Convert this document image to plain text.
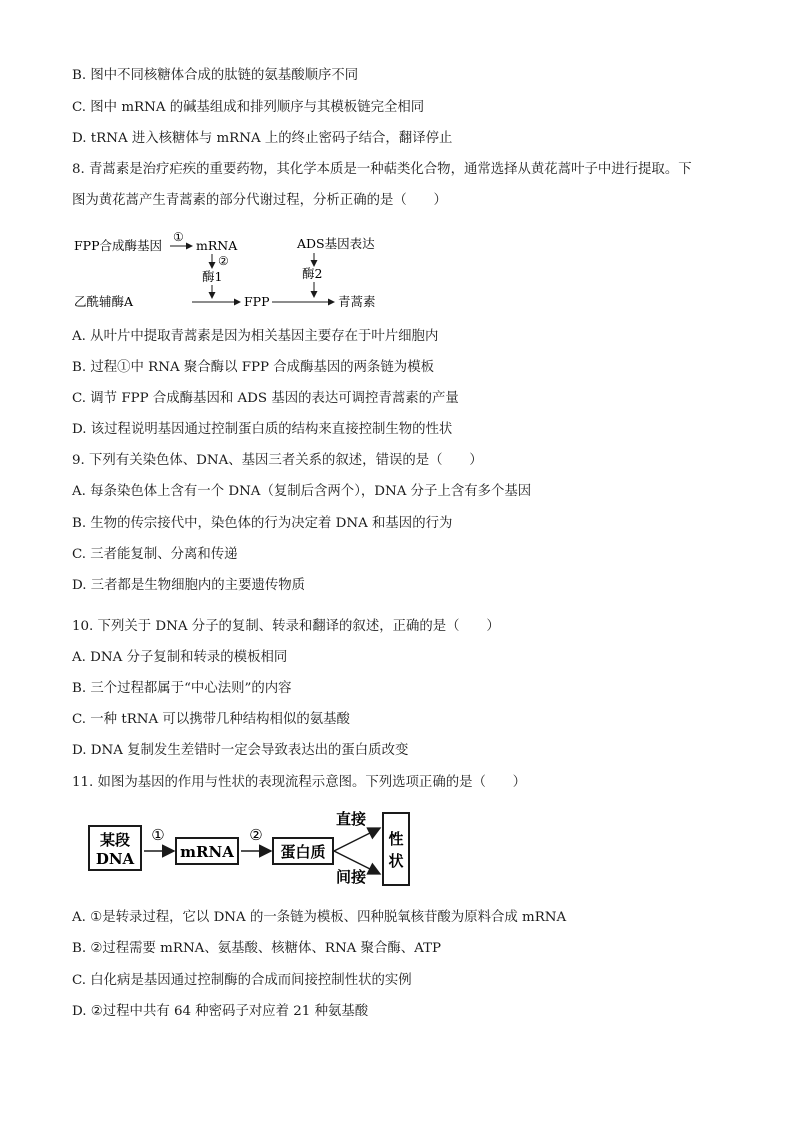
B. 图中不同核糖体合成的肽链的氨基酸顺序不同
C. 图中 mRNA 的碱基组成和排列顺序与其模板链完全相同
D. tRNA 进入核糖体与 mRNA 上的终止密码子结合，翻译停止
8. 青蒿素是治疗疟疾的重要药物，其化学本质是一种萜类化合物，通常选择从黄花蒿叶子中进行提取。下
图为黄花蒿产生青蒿素的部分代谢过程，分析正确的是（　　）
FPP合成酶基因
①
mRNA
②
酶1
乙酰辅酶A	FPP	青蒿素
ADS基因表达
酶2
A. 从叶片中提取青蒿素是因为相关基因主要存在于叶片细胞内
B. 过程①中 RNA 聚合酶以 FPP 合成酶基因的两条链为模板
C. 调节 FPP 合成酶基因和 ADS 基因的表达可调控青蒿素的产量
D. 该过程说明基因通过控制蛋白质的结构来直接控制生物的性状
9. 下列有关染色体、DNA、基因三者关系的叙述，错误的是（　　）
A. 每条染色体上含有一个 DNA（复制后含两个），DNA 分子上含有多个基因
B. 生物的传宗接代中，染色体的行为决定着 DNA 和基因的行为
C. 三者能复制、分离和传递
D. 三者都是生物细胞内的主要遗传物质
10. 下列关于 DNA 分子的复制、转录和翻译的叙述，正确的是（　　）
A. DNA 分子复制和转录的模板相同
B. 三个过程都属于“中心法则”的内容
C. 一种 tRNA 可以携带几种结构相似的氨基酸
D. DNA 复制发生差错时一定会导致表达出的蛋白质改变
11. 如图为基因的作用与性状的表现流程示意图。下列选项正确的是（　　）
某段
DNA
①
mRNA
②
蛋白质
直接
间接
性
状
A. ①是转录过程，它以 DNA 的一条链为模板、四种脱氧核苷酸为原料合成 mRNA
B. ②过程需要 mRNA、氨基酸、核糖体、RNA 聚合酶、ATP
C. 白化病是基因通过控制酶的合成而间接控制性状的实例
D. ②过程中共有 64 种密码子对应着 21 种氨基酸
